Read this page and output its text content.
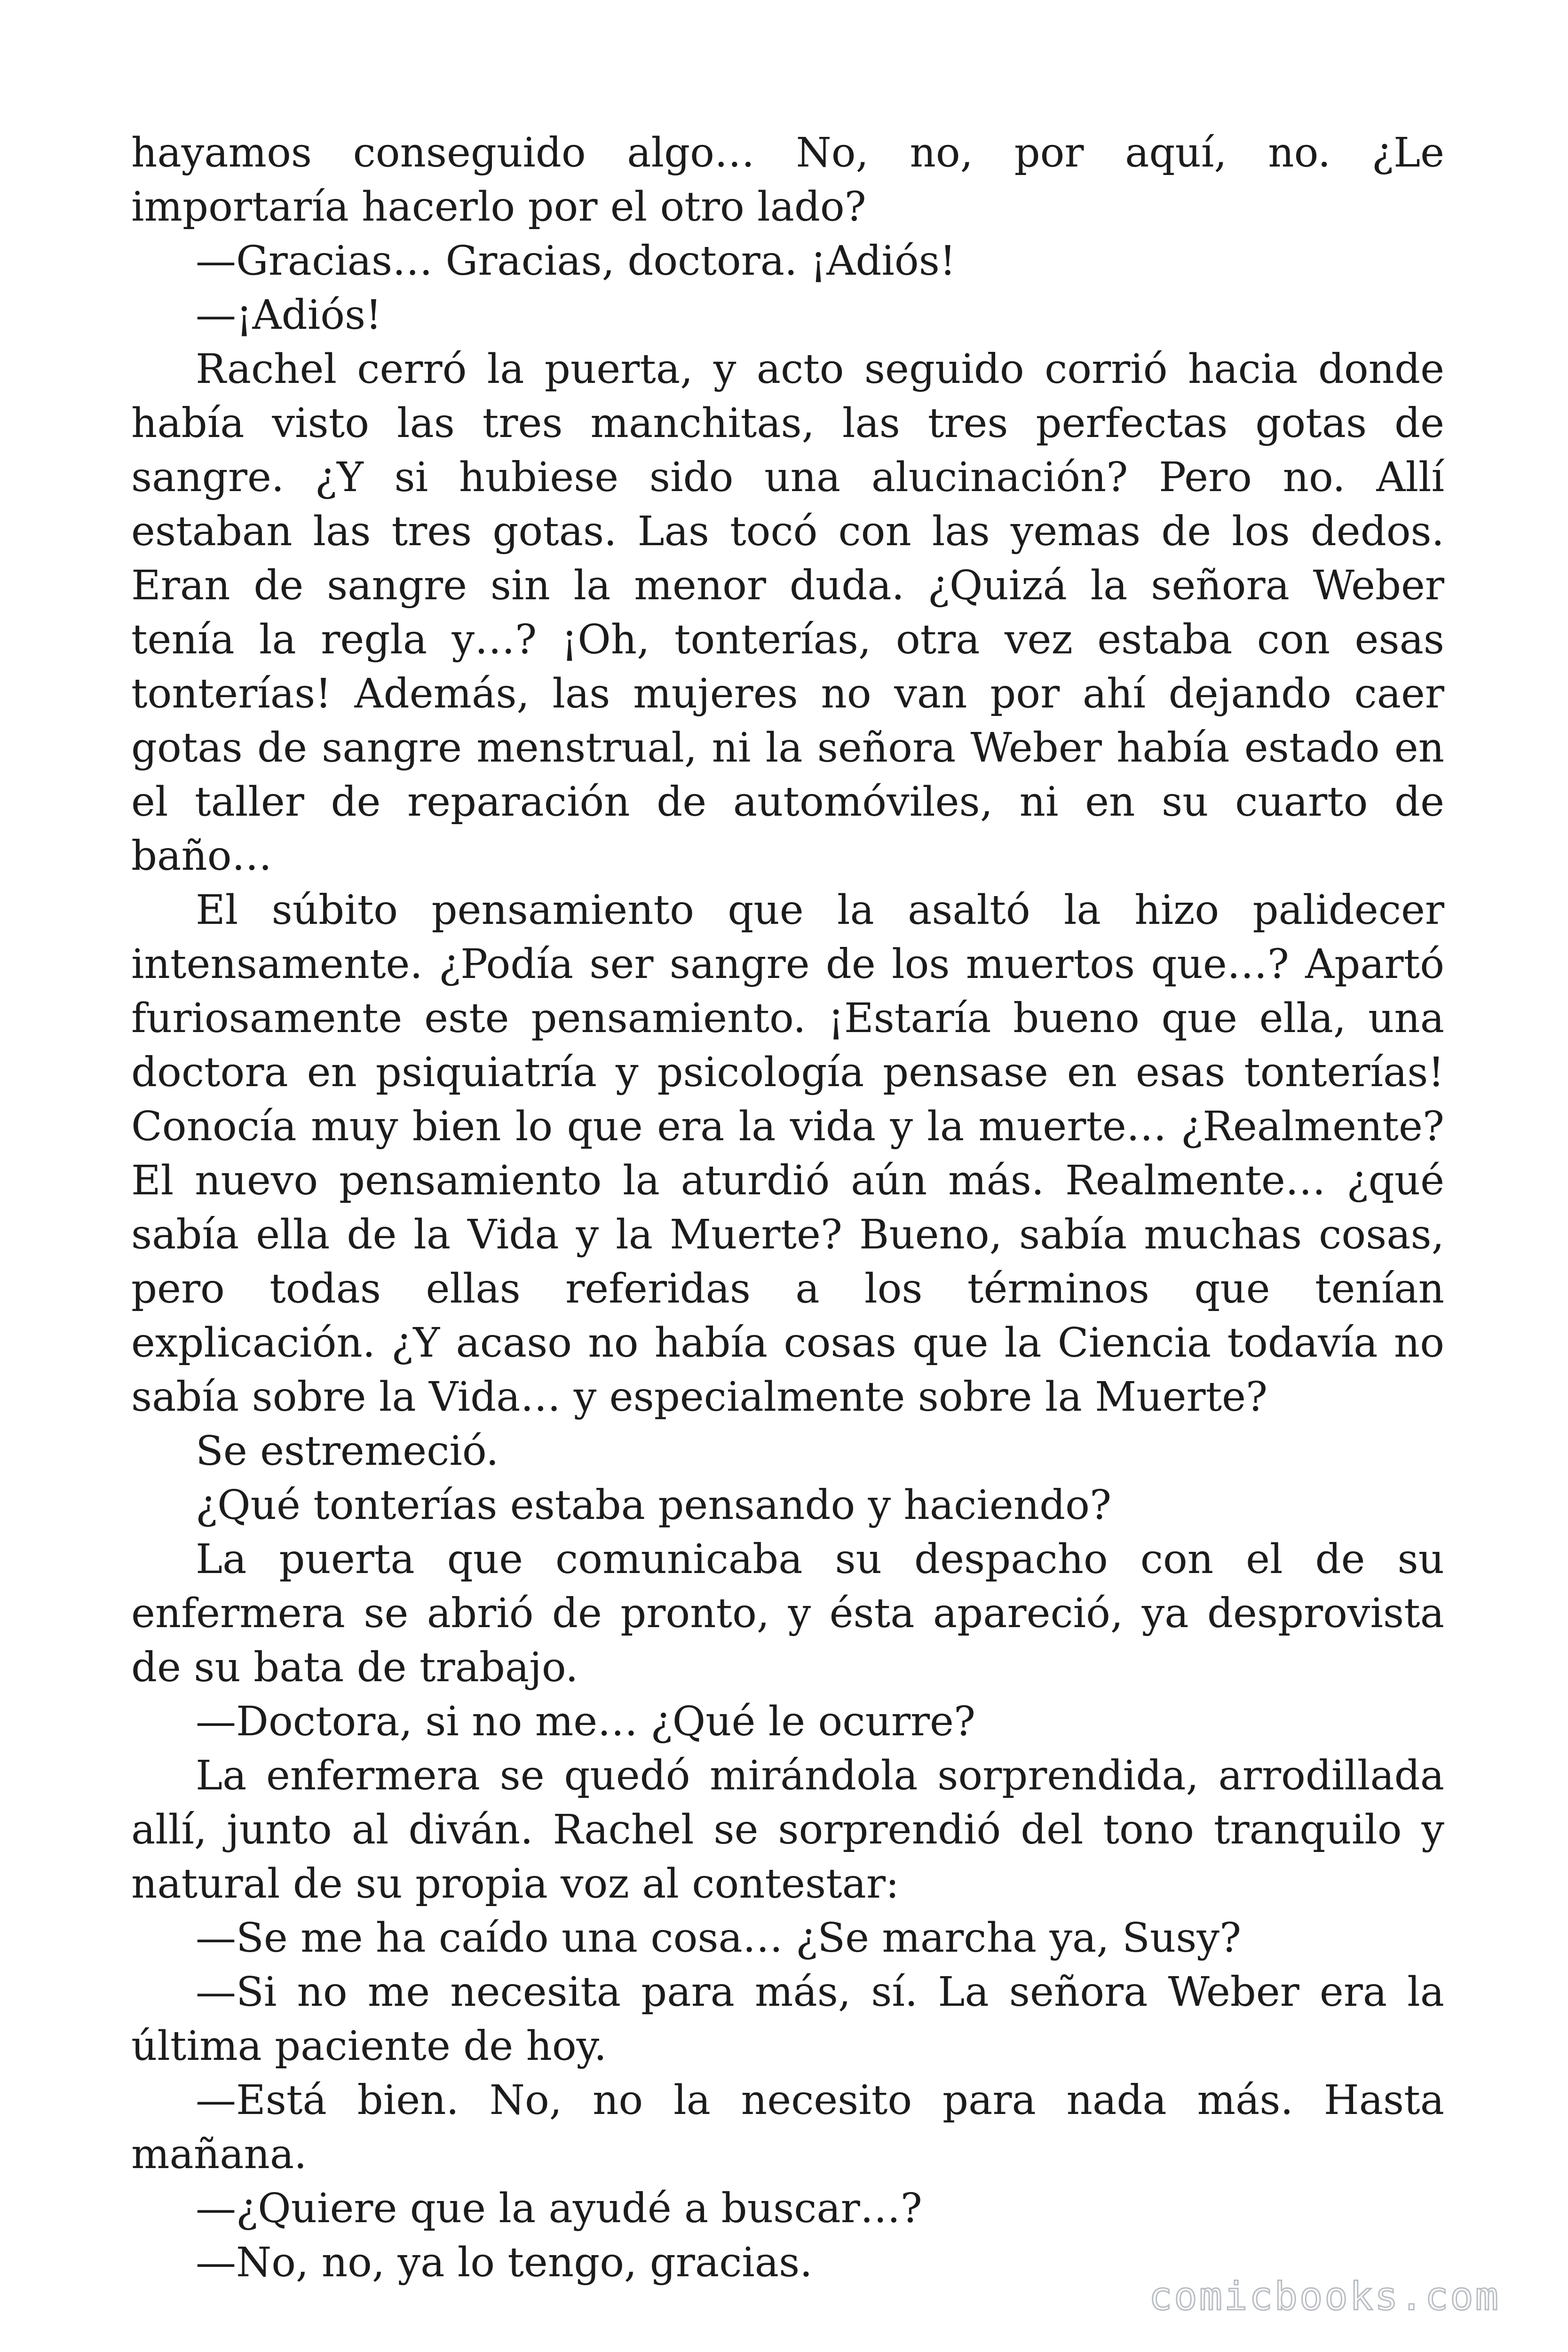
hayamos conseguido algo… No, no, por aquí, no. ¿Le importaría hacerlo por el otro lado?

—Gracias… Gracias, doctora. ¡Adiós!

—¡Adiós!

Rachel cerró la puerta, y acto seguido corrió hacia donde había visto las tres manchitas, las tres perfectas gotas de sangre. ¿Y si hubiese sido una alucinación? Pero no. Allí estaban las tres gotas. Las tocó con las yemas de los dedos. Eran de sangre sin la menor duda. ¿Quizá la señora Weber tenía la regla y…? ¡Oh, tonterías, otra vez estaba con esas tonterías! Además, las mujeres no van por ahí dejando caer gotas de sangre menstrual, ni la señora Weber había estado en el taller de reparación de automóviles, ni en su cuarto de baño…

El súbito pensamiento que la asaltó la hizo palidecer intensamente. ¿Podía ser sangre de los muertos que…? Apartó furiosamente este pensamiento. ¡Estaría bueno que ella, una doctora en psiquiatría y psicología pensase en esas tonterías! Conocía muy bien lo que era la vida y la muerte… ¿Realmente? El nuevo pensamiento la aturdió aún más. Realmente… ¿qué sabía ella de la Vida y la Muerte? Bueno, sabía muchas cosas, pero todas ellas referidas a los términos que tenían explicación. ¿Y acaso no había cosas que la Ciencia todavía no sabía sobre la Vida… y especialmente sobre la Muerte?

Se estremeció.

¿Qué tonterías estaba pensando y haciendo?

La puerta que comunicaba su despacho con el de su enfermera se abrió de pronto, y ésta apareció, ya desprovista de su bata de trabajo.

—Doctora, si no me… ¿Qué le ocurre?

La enfermera se quedó mirándola sorprendida, arrodillada allí, junto al diván. Rachel se sorprendió del tono tranquilo y natural de su propia voz al contestar:

—Se me ha caído una cosa… ¿Se marcha ya, Susy?

—Si no me necesita para más, sí. La señora Weber era la última paciente de hoy.

—Está bien. No, no la necesito para nada más. Hasta mañana.

—¿Quiere que la ayudé a buscar…?

—No, no, ya lo tengo, gracias.

comicbooks.com
